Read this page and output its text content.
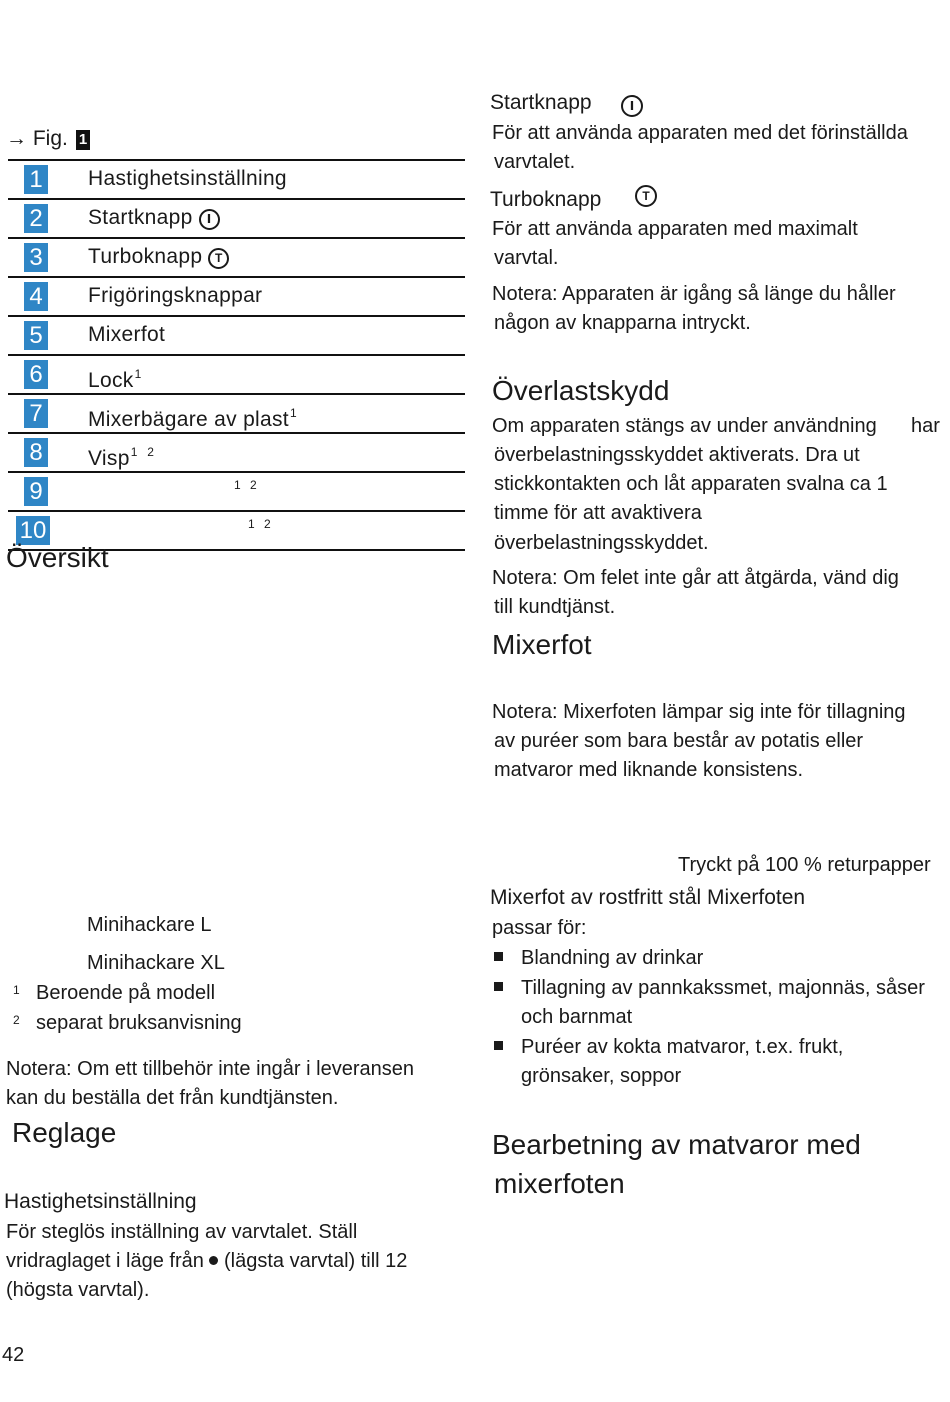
→ Fig. 1
1 Hastighetsinställning
2 Startknapp Ⅰ
3 Turboknapp T
4 Frigöringsknappar
5 Mixerfot
6 Lock$^1$
7 Mixerbägare av plast$^1$
8 Visp$^{1 2}$
9	1 2
10	1 2
Översikt
Minihackare L
Minihackare XL
1 Beroende på modell
2 separat bruksanvisning
Notera: Om ett tillbehör inte ingår i leveransen
kan du beställa det från kundtjänsten.
Reglage
Hastighetsinställning
För steglös inställning av varvtalet. Ställ
vridraglaget i läge från (lägsta varvtal) till 12
(högsta varvtal).
42
Startknapp	Ⅰ
För att använda apparaten med det förinställda
varvtalet.
Turboknapp	T
För att använda apparaten med maximalt
varvtal.
Notera: Apparaten är igång så länge du håller
någon av knapparna intryckt.
Överlastskydd
Om apparaten stängs av under användning har
överbelastningsskyddet aktiverats. Dra ut
stickkontakten och låt apparaten svalna ca 1
timme för att avaktivera
överbelastningsskyddet.
Notera: Om felet inte går att åtgärda, vänd dig
till kundtjänst.
Mixerfot
Notera: Mixerfoten lämpar sig inte för tillagning
av puréer som bara består av potatis eller
matvaror med liknande konsistens.
Tryckt på 100 % returpapper
Mixerfot av rostfritt stål Mixerfoten
passar för:
Blandning av drinkar
Tillagning av pannkakssmet, majonnäs, såser
och barnmat
Puréer av kokta matvaror, t.ex. frukt,
grönsaker, soppor
Bearbetning av matvaror med
mixerfoten
